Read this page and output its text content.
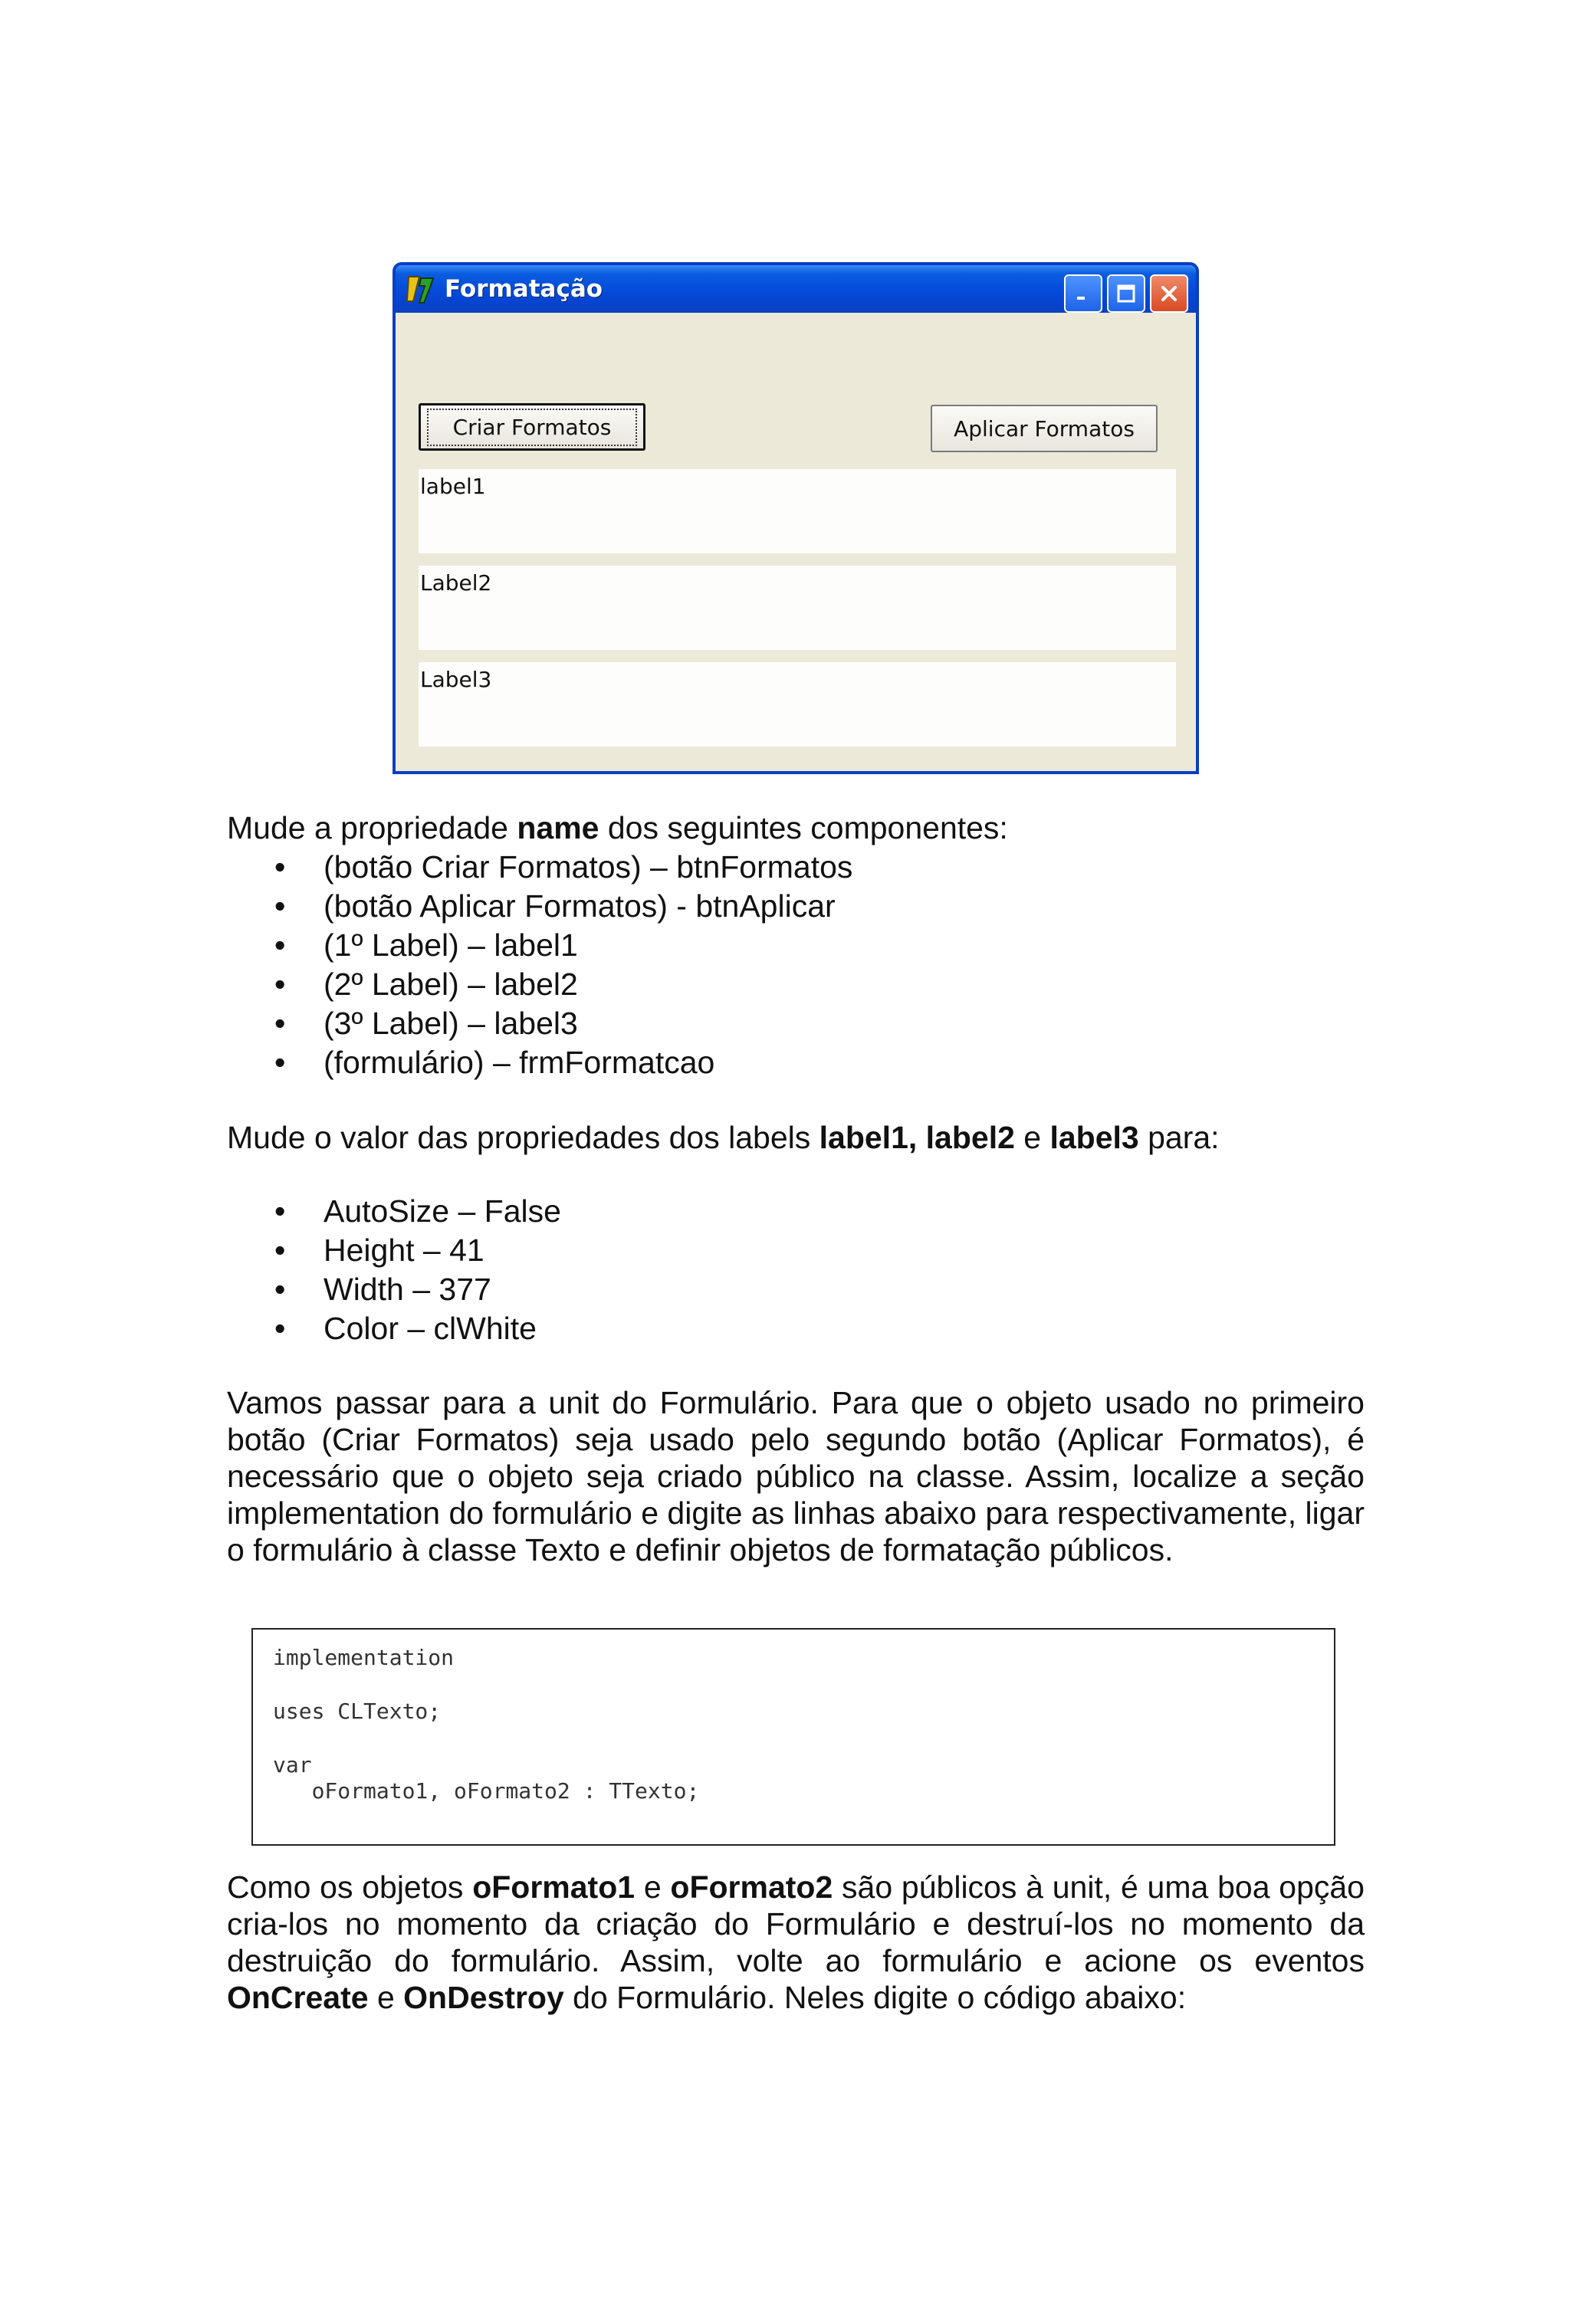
Formatação
Criar Formatos	Aplicar Formatos
label1
Label2
Label3

Mude a propriedade name dos seguintes componentes:

• (botão Criar Formatos) – btnFormatos
• (botão Aplicar Formatos) - btnAplicar
• (1º Label) – label1
• (2º Label) – label2
• (3º Label) – label3
• (formulário) – frmFormatcao

Mude o valor das propriedades dos labels label1, label2 e label3 para:

• AutoSize – False
• Height – 41
• Width – 377
• Color – clWhite

Vamos passar para a unit do Formulário. Para que o objeto usado no primeiro botão (Criar Formatos) seja usado pelo segundo botão (Aplicar Formatos), é necessário que o objeto seja criado público na classe. Assim, localize a seção implementation do formulário e digite as linhas abaixo para respectivamente, ligar o formulário à classe Texto e definir objetos de formatação públicos.

implementation
uses CLTexto;
var
oFormato1, oFormato2 : TTexto;

Como os objetos oFormato1 e oFormato2 são públicos à unit, é uma boa opção cria-los no momento da criação do Formulário e destruí-los no momento da destruição do formulário. Assim, volte ao formulário e acione os eventos OnCreate e OnDestroy do Formulário. Neles digite o código abaixo:
